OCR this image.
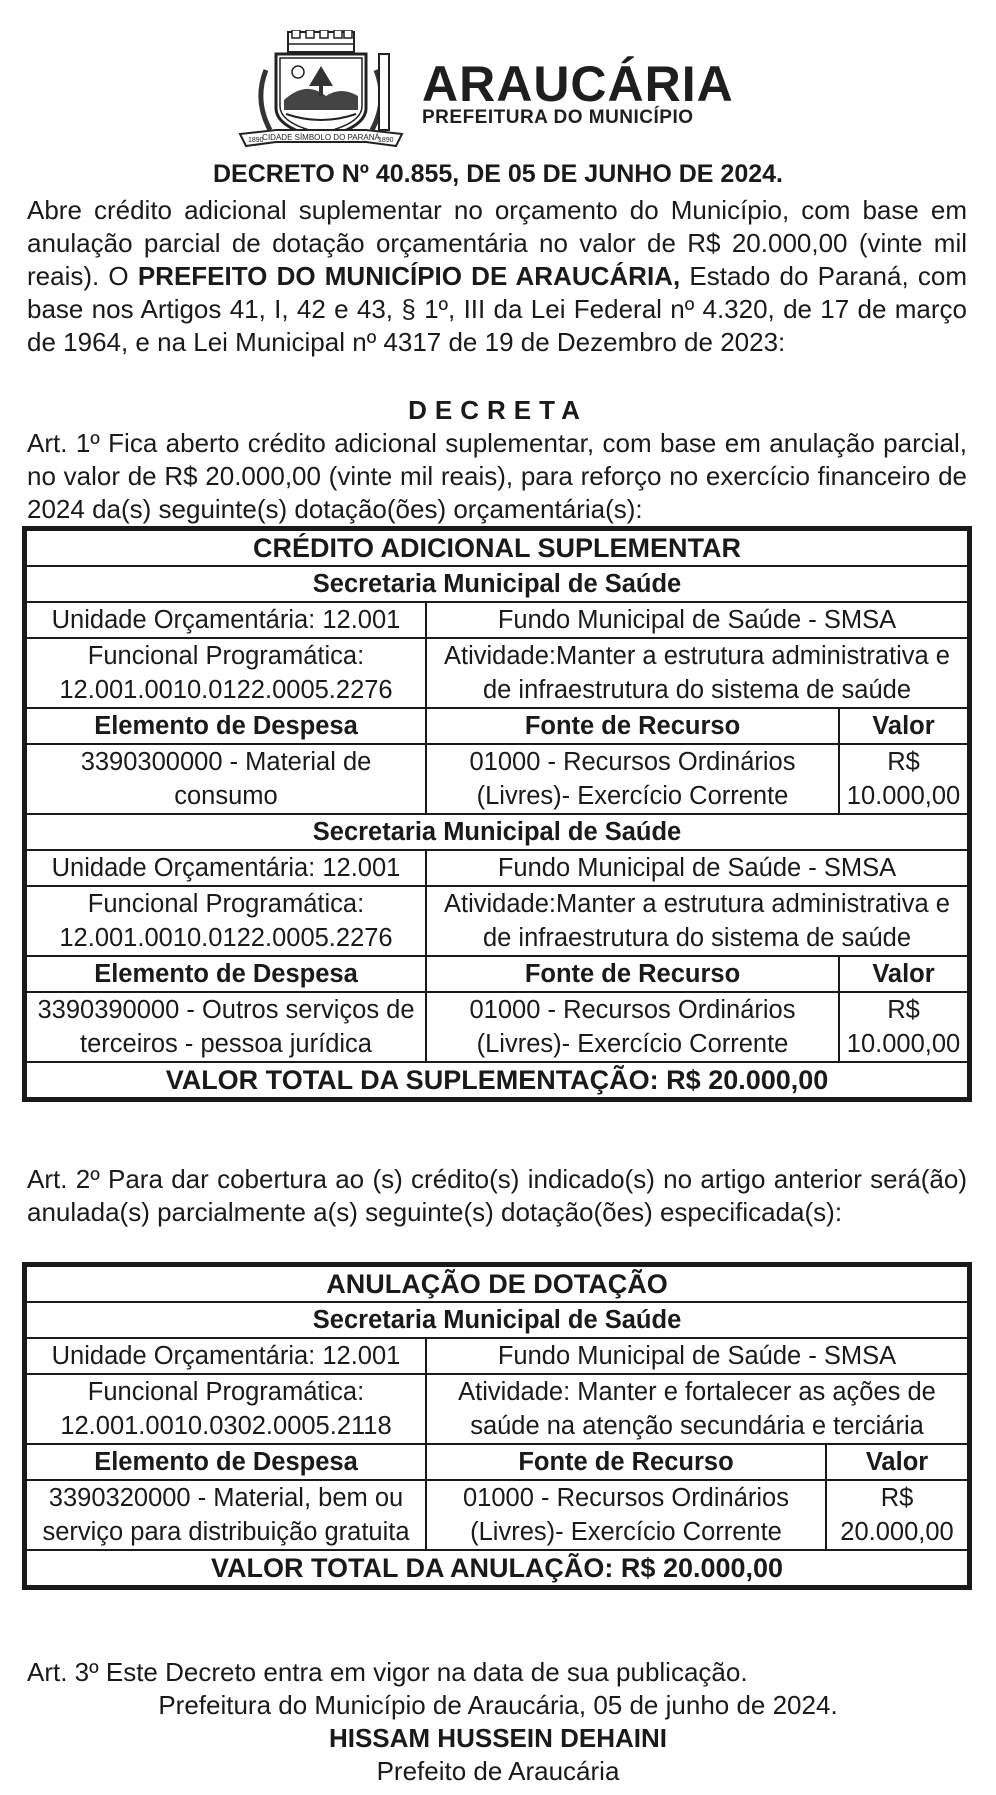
1890
CIDADE SÍMBOLO DO PARANÁ
1890
ARAUCÁRIA
PREFEITURA DO MUNICÍPIO
DECRETO Nº 40.855, DE 05 DE JUNHO DE 2024.
Abre crédito adicional suplementar no orçamento do Município, com base em anulação parcial de dotação orçamentária no valor de R$ 20.000,00 (vinte mil reais). O PREFEITO DO MUNICÍPIO DE ARAUCÁRIA, Estado do Paraná, com base nos Artigos 41, I, 42 e 43, § 1º, III da Lei Federal nº 4.320, de 17 de março de 1964, e na Lei Municipal nº 4317 de 19 de Dezembro de 2023:
DECRETA
Art. 1º Fica aberto crédito adicional suplementar, com base em anulação parcial, no valor de R$ 20.000,00 (vinte mil reais), para reforço no exercício financeiro de 2024 da(s) seguinte(s) dotação(ões) orçamentária(s):
CRÉDITO ADICIONAL SUPLEMENTAR		
Secretaria Municipal de Saúde		
Unidade Orçamentária: 12.001	Fundo Municipal de Saúde - SMSA	
Funcional Programática:
12.001.0010.0122.0005.2276	Atividade:Manter a estrutura administrativa e de infraestrutura do sistema de saúde	
Elemento de Despesa	Fonte de Recurso	Valor
3390300000 - Material de consumo	01000 - Recursos Ordinários (Livres)- Exercício Corrente	R$
10.000,00
Secretaria Municipal de Saúde		
Unidade Orçamentária: 12.001	Fundo Municipal de Saúde - SMSA	
Funcional Programática:
12.001.0010.0122.0005.2276	Atividade:Manter a estrutura administrativa e de infraestrutura do sistema de saúde	
Elemento de Despesa	Fonte de Recurso	Valor
3390390000 - Outros serviços de terceiros - pessoa jurídica	01000 - Recursos Ordinários (Livres)- Exercício Corrente	R$
10.000,00
VALOR TOTAL DA SUPLEMENTAÇÃO: R$ 20.000,00		
Art. 2º Para dar cobertura ao (s) crédito(s) indicado(s) no artigo anterior será(ão) anulada(s) parcialmente a(s) seguinte(s) dotação(ões) especificada(s):
ANULAÇÃO DE DOTAÇÃO		
Secretaria Municipal de Saúde		
Unidade Orçamentária: 12.001	Fundo Municipal de Saúde - SMSA	
Funcional Programática:
12.001.0010.0302.0005.2118	Atividade: Manter e fortalecer as ações de saúde na atenção secundária e terciária	
Elemento de Despesa	Fonte de Recurso	Valor
3390320000 - Material, bem ou serviço para distribuição gratuita	01000 - Recursos Ordinários (Livres)- Exercício Corrente	R$
20.000,00
VALOR TOTAL DA ANULAÇÃO: R$ 20.000,00		
Art. 3º Este Decreto entra em vigor na data de sua publicação.
Prefeitura do Município de Araucária, 05 de junho de 2024.
HISSAM HUSSEIN DEHAINI
Prefeito de Araucária
